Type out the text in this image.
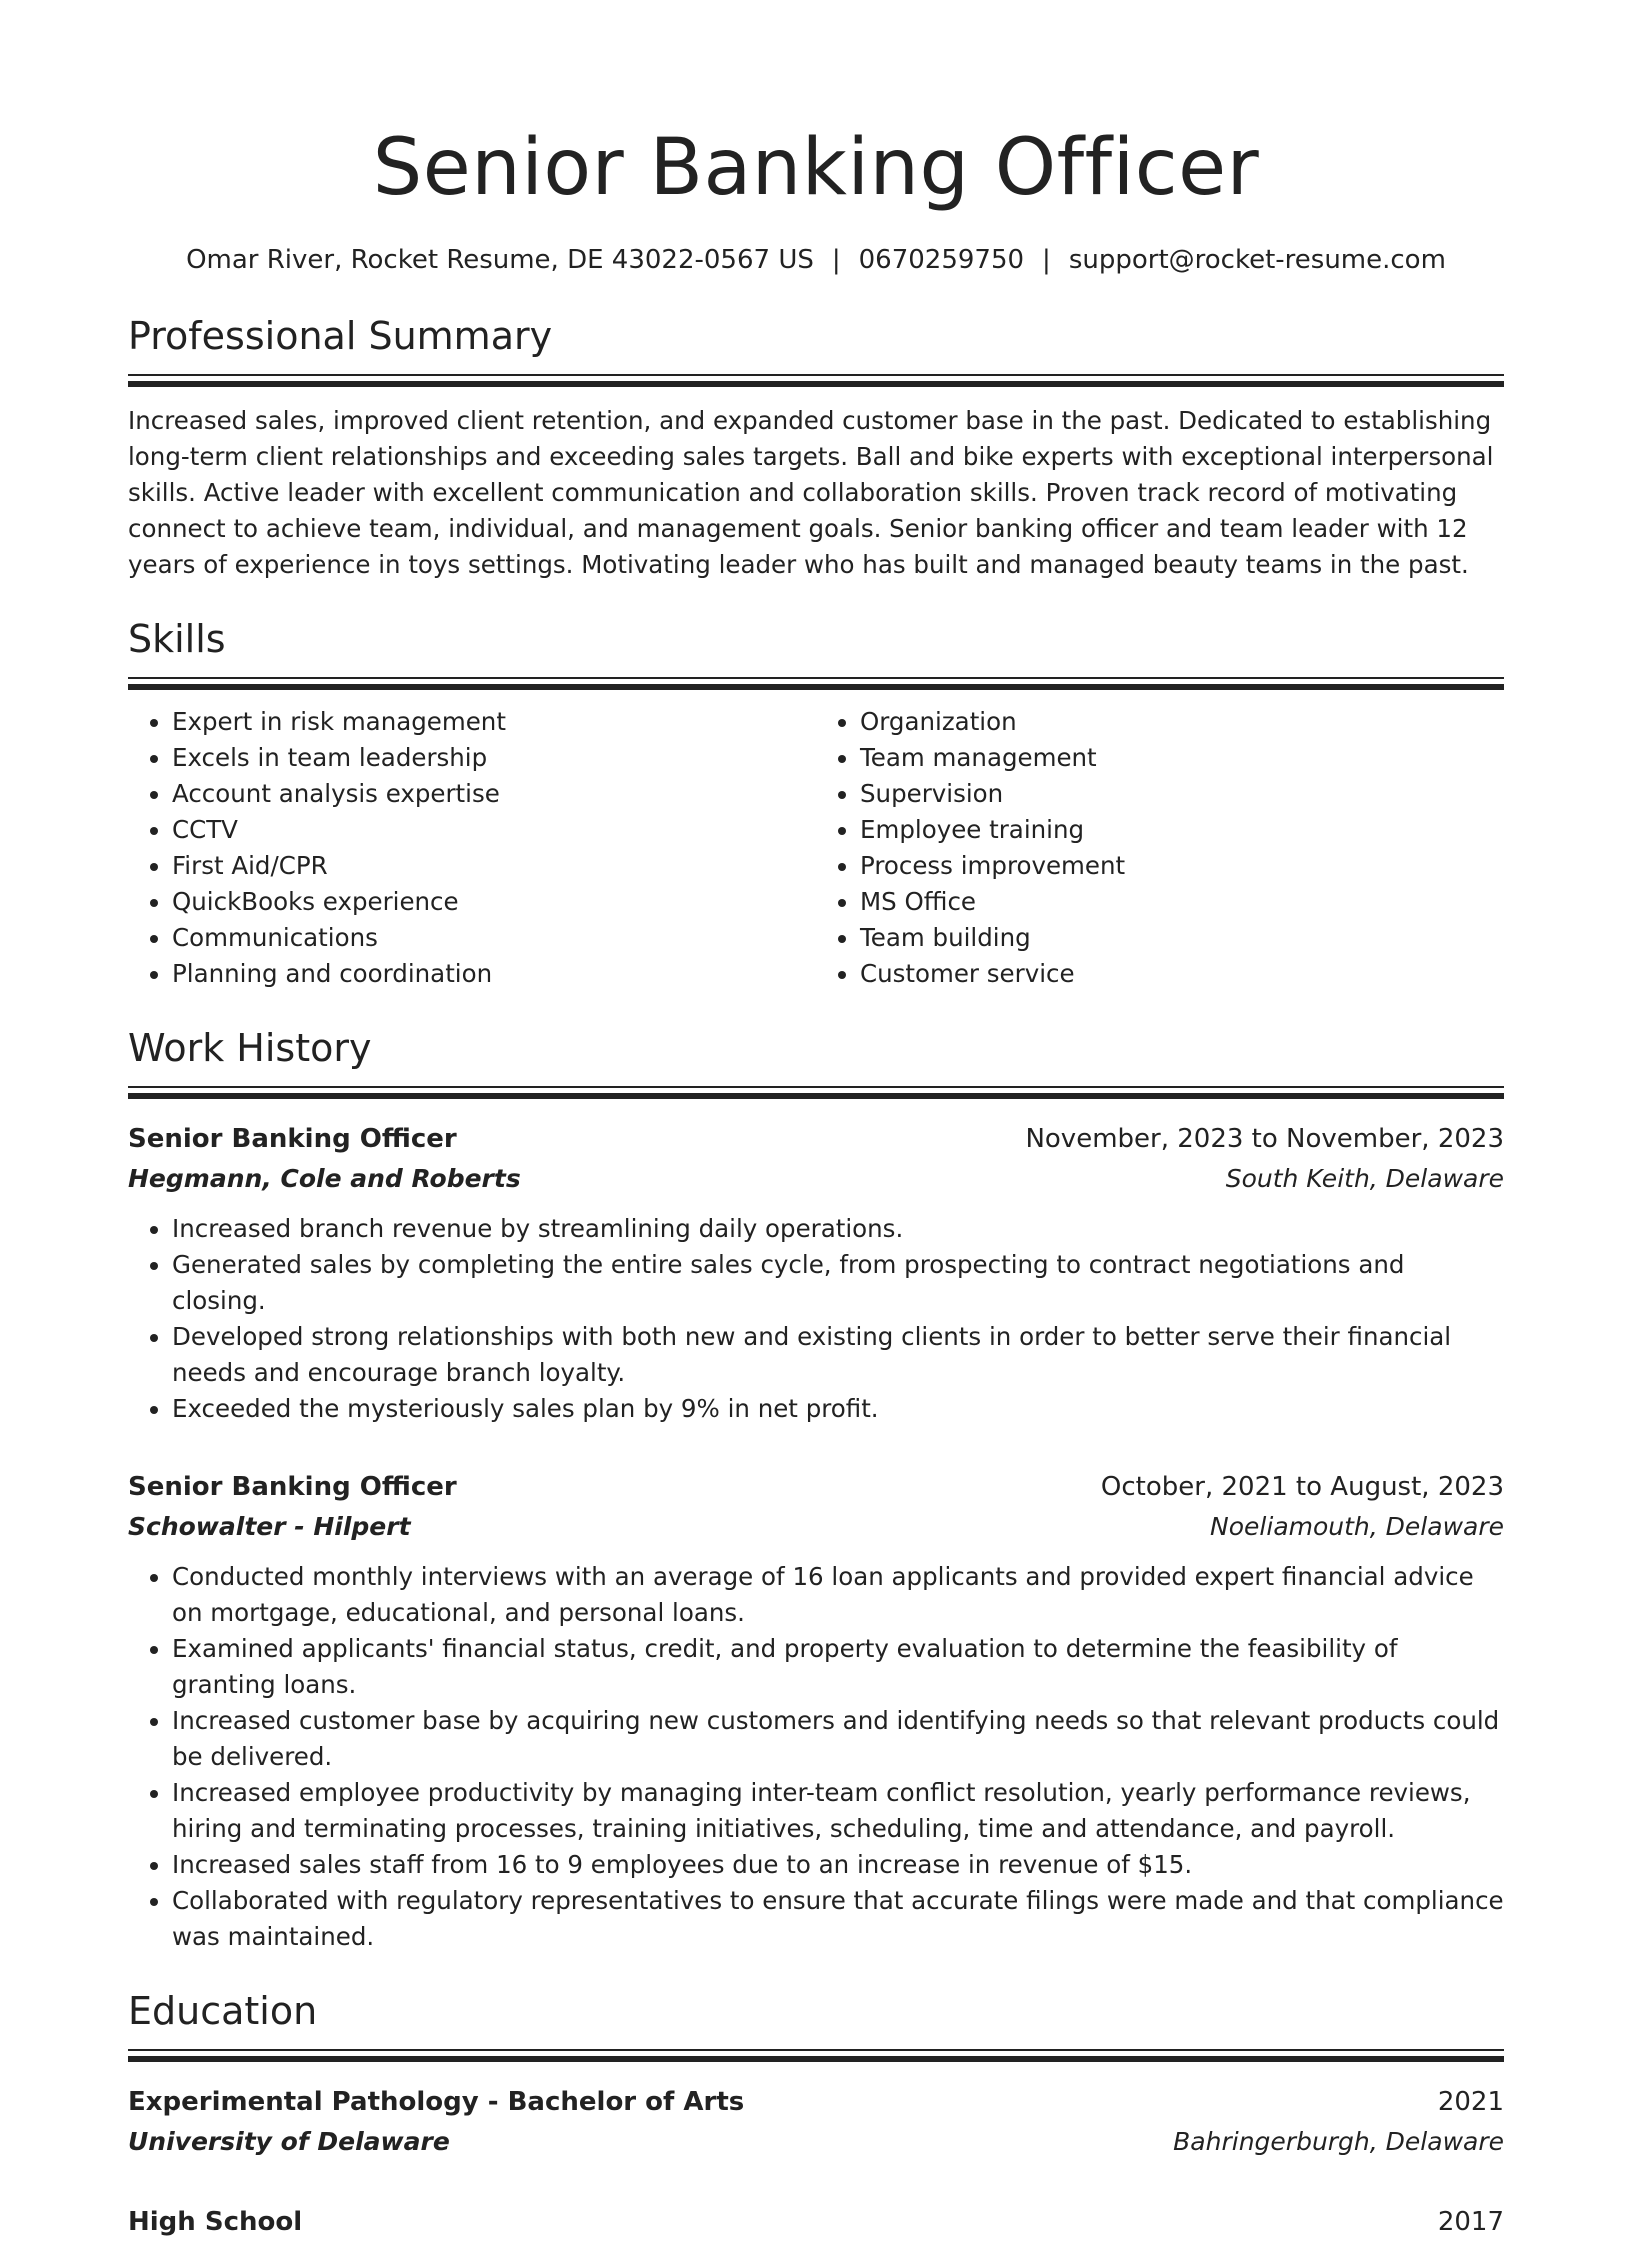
Senior Banking Officer
Omar River, Rocket Resume, DE 43022-0567 US | 0670259750 | support@rocket-resume.com
Professional Summary
Increased sales, improved client retention, and expanded customer base in the past. Dedicated to establishing long-term client relationships and exceeding sales targets. Ball and bike experts with exceptional interpersonal skills. Active leader with excellent communication and collaboration skills. Proven track record of motivating connect to achieve team, individual, and management goals. Senior banking officer and team leader with 12 years of experience in toys settings. Motivating leader who has built and managed beauty teams in the past.
Skills
• Expert in risk management
• Excels in team leadership
• Account analysis expertise
• CCTV
• First Aid/CPR
• QuickBooks experience
• Communications
• Planning and coordination
• Organization
• Team management
• Supervision
• Employee training
• Process improvement
• MS Office
• Team building
• Customer service
Work History
Senior Banking Officer	November, 2023 to November, 2023
Hegmann, Cole and Roberts	South Keith, Delaware
• Increased branch revenue by streamlining daily operations.
• Generated sales by completing the entire sales cycle, from prospecting to contract negotiations and closing.
• Developed strong relationships with both new and existing clients in order to better serve their financial needs and encourage branch loyalty.
• Exceeded the mysteriously sales plan by 9% in net profit.
Senior Banking Officer	October, 2021 to August, 2023
Schowalter - Hilpert	Noeliamouth, Delaware
• Conducted monthly interviews with an average of 16 loan applicants and provided expert financial advice on mortgage, educational, and personal loans.
• Examined applicants' financial status, credit, and property evaluation to determine the feasibility of granting loans.
• Increased customer base by acquiring new customers and identifying needs so that relevant products could be delivered.
• Increased employee productivity by managing inter-team conflict resolution, yearly performance reviews, hiring and terminating processes, training initiatives, scheduling, time and attendance, and payroll.
• Increased sales staff from 16 to 9 employees due to an increase in revenue of $15.
• Collaborated with regulatory representatives to ensure that accurate filings were made and that compliance was maintained.
Education
Experimental Pathology - Bachelor of Arts	2021
University of Delaware	Bahringerburgh, Delaware
High School	2017
